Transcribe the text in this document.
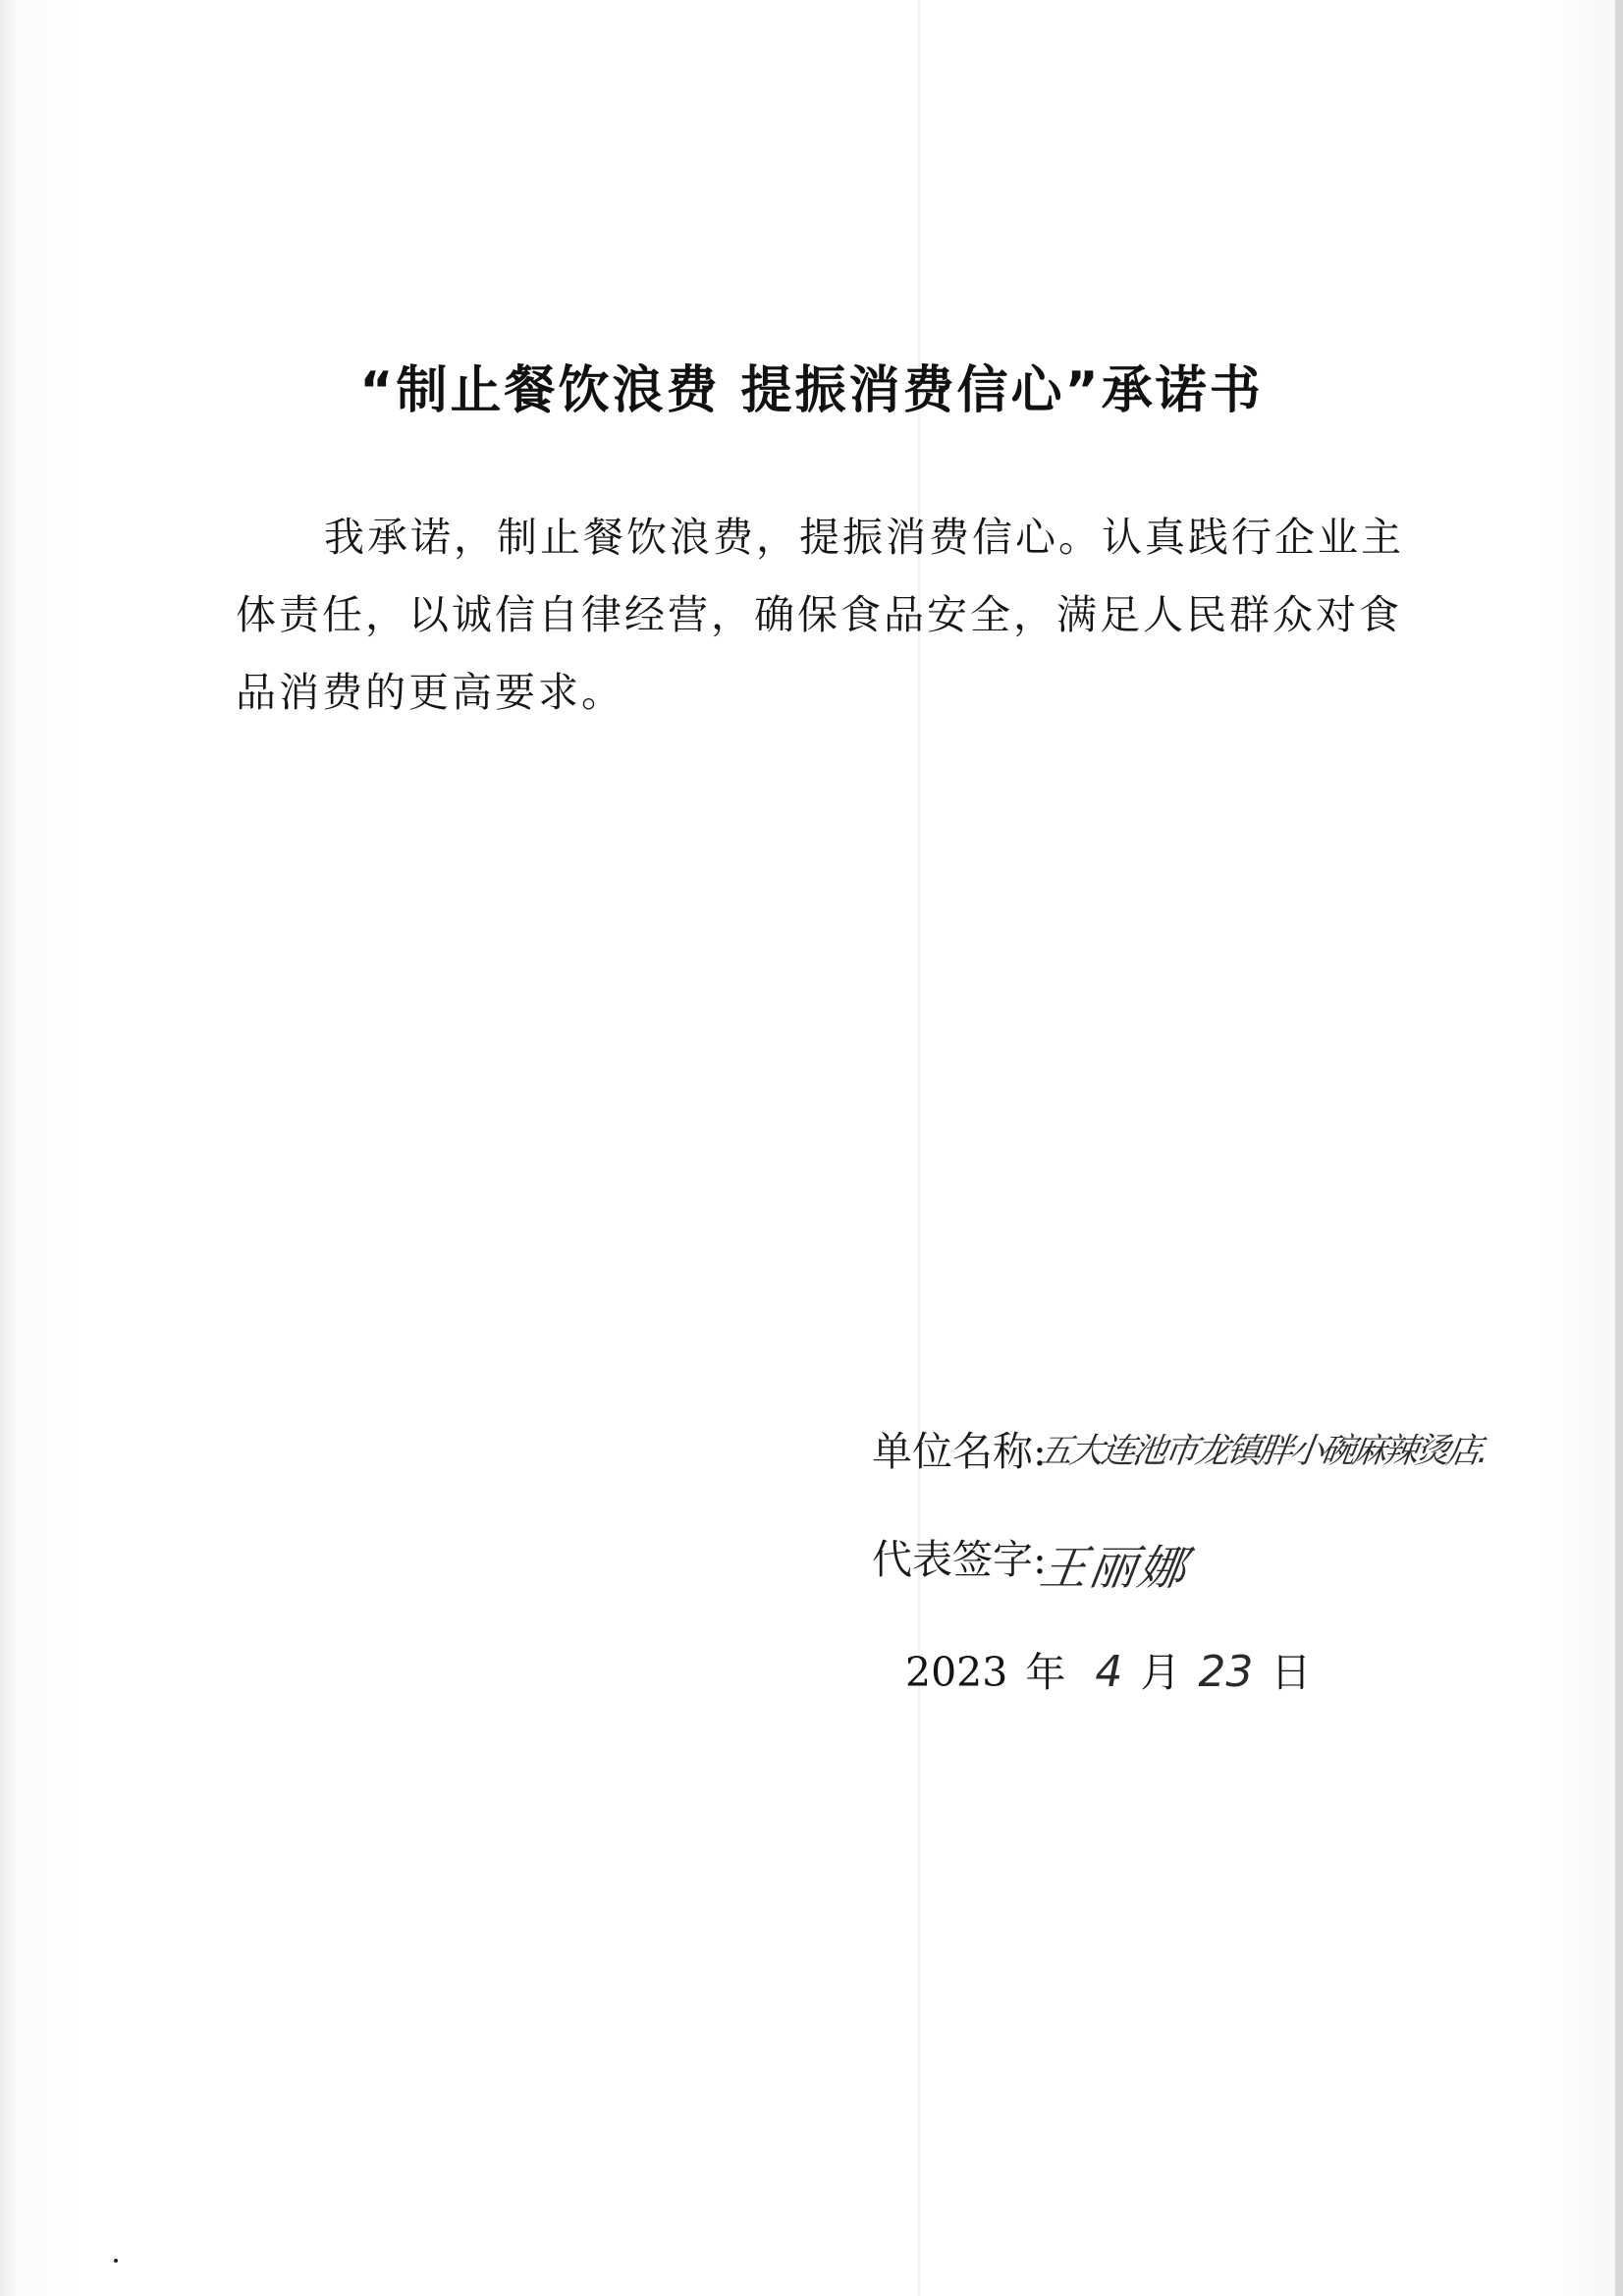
“制止餐饮浪费 提振消费信心”承诺书

我承诺，制止餐饮浪费，提振消费信心。认真践行企业主体责任，以诚信自律经营，确保食品安全，满足人民群众对食品消费的更高要求。

单位名称:
五大连池市龙镇胖小碗麻辣烫店.
代表签字:
王丽娜
2023 年 4 月 23 日
